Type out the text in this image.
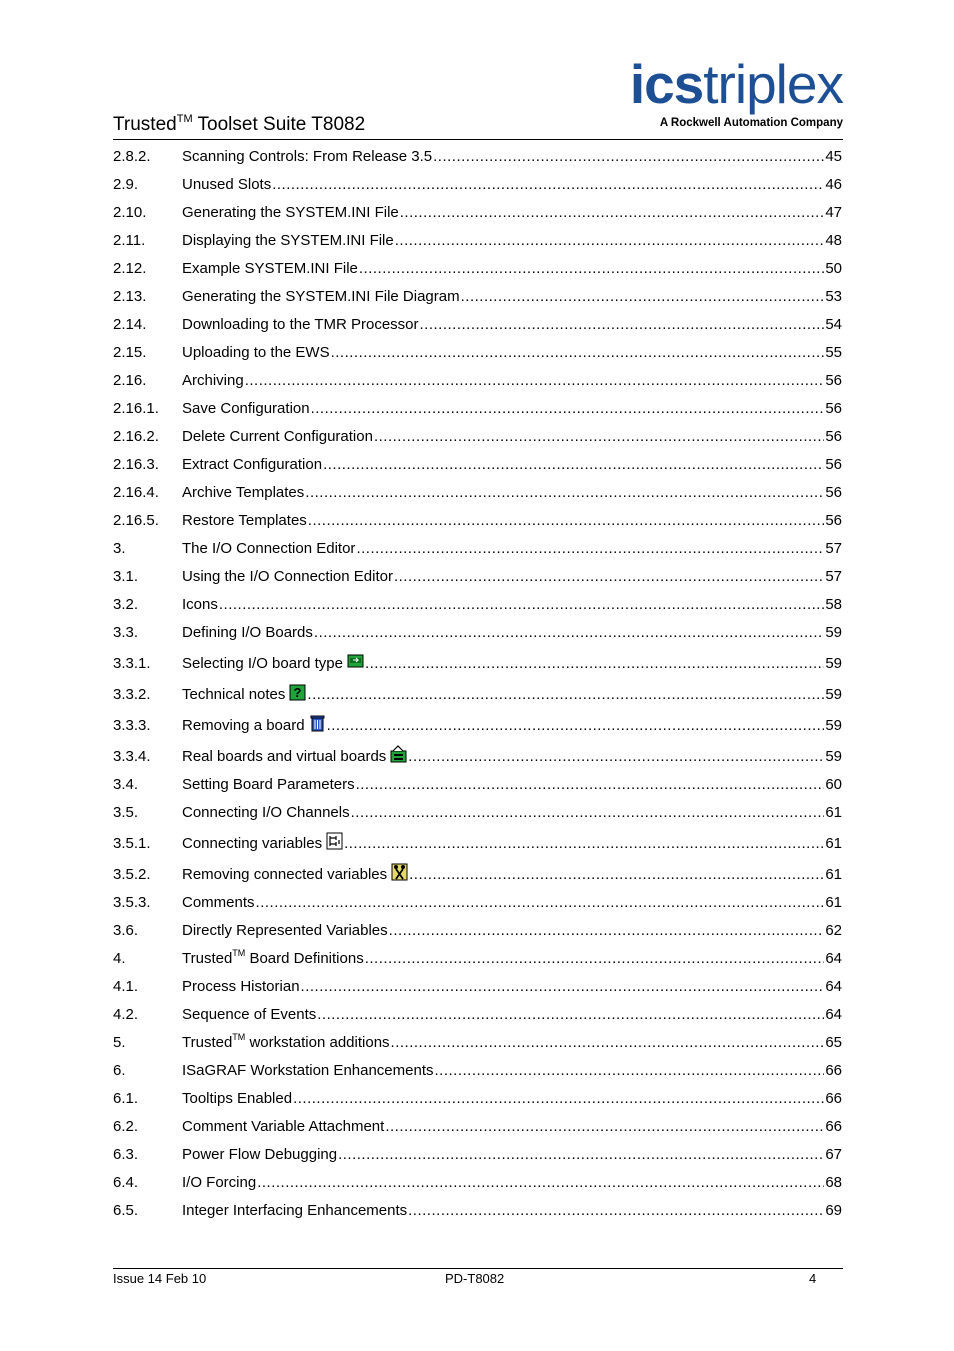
icstriplex
A Rockwell Automation Company
Trusted™ Toolset Suite T8082
2.8.2. Scanning Controls: From Release 3.5 .....	45
2.9.	Unused Slots .....	46
2.10. Generating the SYSTEM.INI File .....	47
2.11. Displaying the SYSTEM.INI File .....	48
2.12. Example SYSTEM.INI File .....	50
2.13. Generating the SYSTEM.INI File Diagram .....	53
2.14. Downloading to the TMR Processor .....	54
2.15. Uploading to the EWS .....	55
2.16. Archiving .....	56
2.16.1. Save Configuration .....	56
2.16.2. Delete Current Configuration .....	56
2.16.3. Extract Configuration .....	56
2.16.4. Archive Templates .....	56
2.16.5. Restore Templates .....	56
3.	The I/O Connection Editor .....	57
3.1.	Using the I/O Connection Editor .....	57
3.2.	Icons .....	58
3.3.	Defining I/O Boards .....	59
3.3.1. Selecting I/O board type .....	59
3.3.2. Technical notes ? .....	59
3.3.3. Removing a board .....	59
3.3.4. Real boards and virtual boards .....	59
3.4.	Setting Board Parameters .....	60
3.5.	Connecting I/O Channels .....	61
3.5.1. Connecting variables .....	61
3.5.2. Removing connected variables .....	61
3.5.3. Comments .....	61
3.6.	Directly Represented Variables .....	62
4.	Trusted™ Board Definitions .....	64
4.1.	Process Historian .....	64
4.2.	Sequence of Events .....	64
5.	Trusted™ workstation additions .....	65
6.	ISaGRAF Workstation Enhancements .....	66
6.1.	Tooltips Enabled .....	66
6.2.	Comment Variable Attachment .....	66
6.3.	Power Flow Debugging .....	67
6.4.	I/O Forcing .....	68
6.5.	Integer Interfacing Enhancements .....	69
Issue 14 Feb 10	PD-T8082	4
